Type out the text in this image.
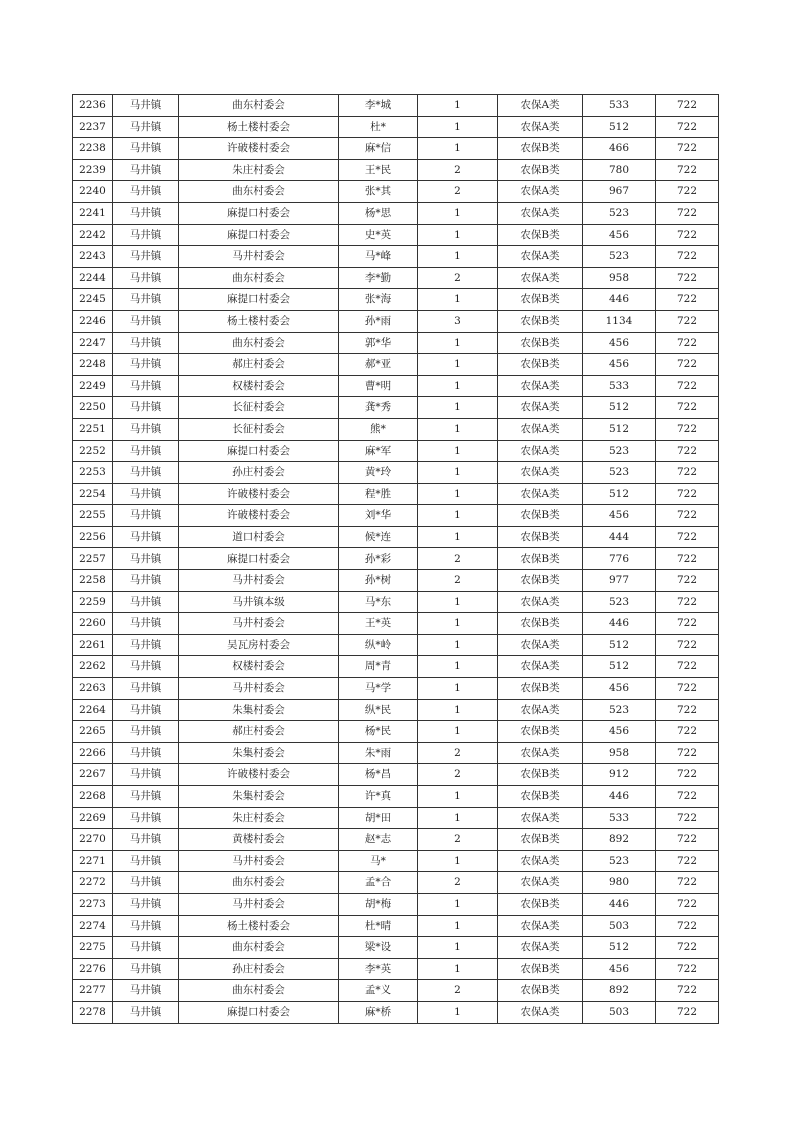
2236	马井镇	曲东村委会	李*城	1	农保A类	533	722
2237	马井镇	杨土楼村委会	杜*	1	农保A类	512	722
2238	马井镇	许破楼村委会	麻*信	1	农保B类	466	722
2239	马井镇	朱庄村委会	王*民	2	农保B类	780	722
2240	马井镇	曲东村委会	张*其	2	农保A类	967	722
2241	马井镇	麻提口村委会	杨*思	1	农保A类	523	722
2242	马井镇	麻提口村委会	史*英	1	农保B类	456	722
2243	马井镇	马井村委会	马*峰	1	农保A类	523	722
2244	马井镇	曲东村委会	李*勤	2	农保A类	958	722
2245	马井镇	麻提口村委会	张*海	1	农保B类	446	722
2246	马井镇	杨土楼村委会	孙*雨	3	农保B类	1134	722
2247	马井镇	曲东村委会	郭*华	1	农保B类	456	722
2248	马井镇	郝庄村委会	郝*亚	1	农保B类	456	722
2249	马井镇	权楼村委会	曹*明	1	农保A类	533	722
2250	马井镇	长征村委会	龚*秀	1	农保A类	512	722
2251	马井镇	长征村委会	熊*	1	农保A类	512	722
2252	马井镇	麻提口村委会	麻*军	1	农保A类	523	722
2253	马井镇	孙庄村委会	黄*玲	1	农保A类	523	722
2254	马井镇	许破楼村委会	程*胜	1	农保A类	512	722
2255	马井镇	许破楼村委会	刘*华	1	农保B类	456	722
2256	马井镇	道口村委会	候*连	1	农保B类	444	722
2257	马井镇	麻提口村委会	孙*彩	2	农保B类	776	722
2258	马井镇	马井村委会	孙*树	2	农保B类	977	722
2259	马井镇	马井镇本级	马*东	1	农保A类	523	722
2260	马井镇	马井村委会	王*英	1	农保B类	446	722
2261	马井镇	吴瓦房村委会	纵*岭	1	农保A类	512	722
2262	马井镇	权楼村委会	周*青	1	农保A类	512	722
2263	马井镇	马井村委会	马*学	1	农保B类	456	722
2264	马井镇	朱集村委会	纵*民	1	农保A类	523	722
2265	马井镇	郝庄村委会	杨*民	1	农保B类	456	722
2266	马井镇	朱集村委会	朱*雨	2	农保A类	958	722
2267	马井镇	许破楼村委会	杨*昌	2	农保B类	912	722
2268	马井镇	朱集村委会	许*真	1	农保B类	446	722
2269	马井镇	朱庄村委会	胡*田	1	农保A类	533	722
2270	马井镇	黄楼村委会	赵*志	2	农保B类	892	722
2271	马井镇	马井村委会	马*	1	农保A类	523	722
2272	马井镇	曲东村委会	孟*合	2	农保A类	980	722
2273	马井镇	马井村委会	胡*梅	1	农保B类	446	722
2274	马井镇	杨土楼村委会	杜*晴	1	农保A类	503	722
2275	马井镇	曲东村委会	梁*设	1	农保A类	512	722
2276	马井镇	孙庄村委会	李*英	1	农保B类	456	722
2277	马井镇	曲东村委会	孟*义	2	农保B类	892	722
2278	马井镇	麻提口村委会	麻*桥	1	农保A类	503	722
